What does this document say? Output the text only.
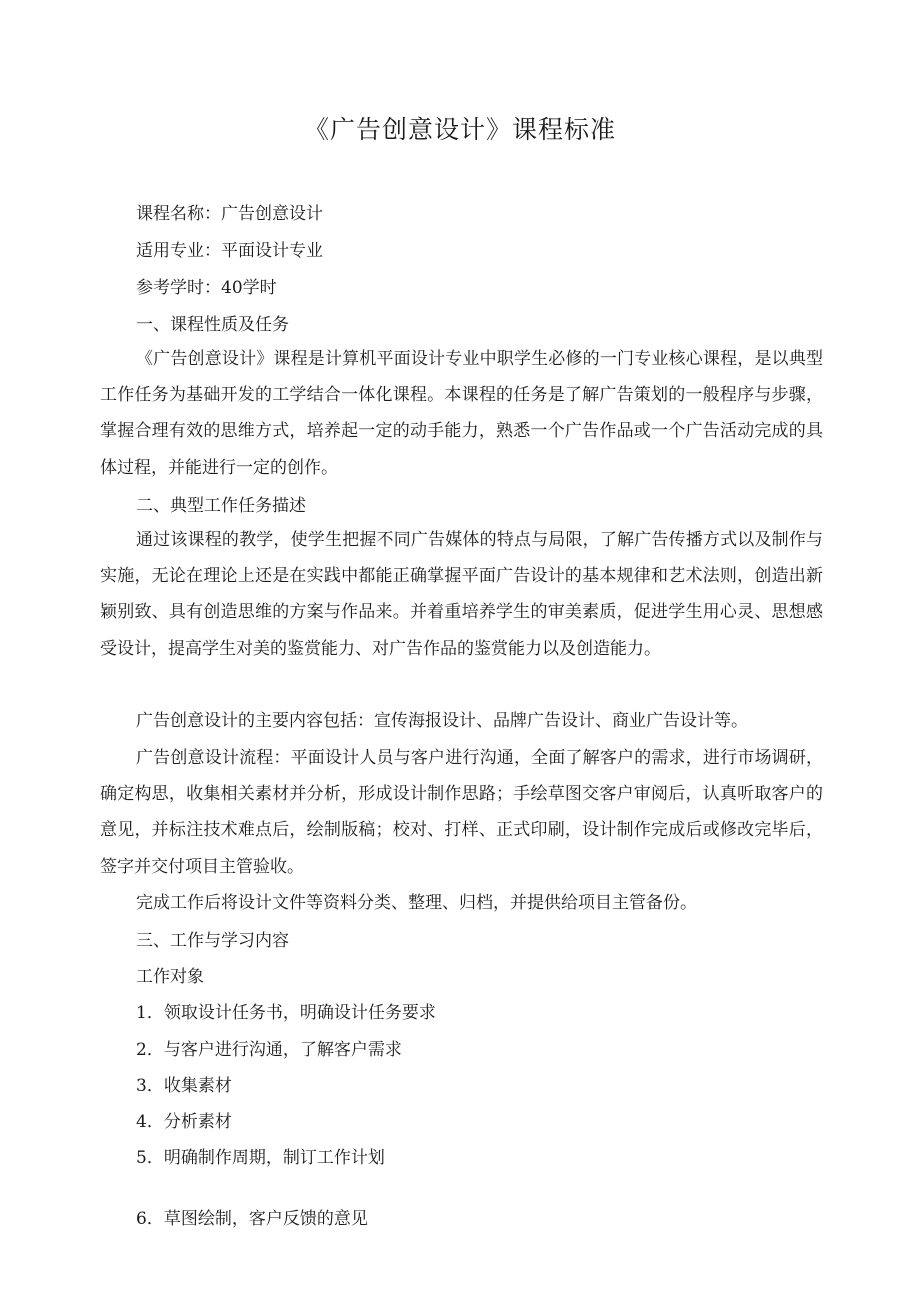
《广告创意设计》课程标准
课程名称：广告创意设计
适用专业：平面设计专业
参考学时：40学时
一、课程性质及任务

《广告创意设计》课程是计算机平面设计专业中职学生必修的一门专业核心课程，是以典型工作任务为基础开发的工学结合一体化课程。本课程的任务是了解广告策划的一般程序与步骤，掌握合理有效的思维方式，培养起一定的动手能力，熟悉一个广告作品或一个广告活动完成的具体过程，并能进行一定的创作。

二、典型工作任务描述

通过该课程的教学，使学生把握不同广告媒体的特点与局限，了解广告传播方式以及制作与实施，无论在理论上还是在实践中都能正确掌握平面广告设计的基本规律和艺术法则，创造出新颖别致、具有创造思维的方案与作品来。并着重培养学生的审美素质，促进学生用心灵、思想感受设计，提高学生对美的鉴赏能力、对广告作品的鉴赏能力以及创造能力。

广告创意设计的主要内容包括：宣传海报设计、品牌广告设计、商业广告设计等。

广告创意设计流程：平面设计人员与客户进行沟通，全面了解客户的需求，进行市场调研，确定构思，收集相关素材并分析，形成设计制作思路；手绘草图交客户审阅后，认真听取客户的意见，并标注技术难点后，绘制版稿；校对、打样、正式印刷，设计制作完成后或修改完毕后，签字并交付项目主管验收。

完成工作后将设计文件等资料分类、整理、归档，并提供给项目主管备份。

三、工作与学习内容
工作对象
1．领取设计任务书，明确设计任务要求
2．与客户进行沟通，了解客户需求
3．收集素材
4．分析素材
5．明确制作周期，制订工作计划
6．草图绘制，客户反馈的意见
